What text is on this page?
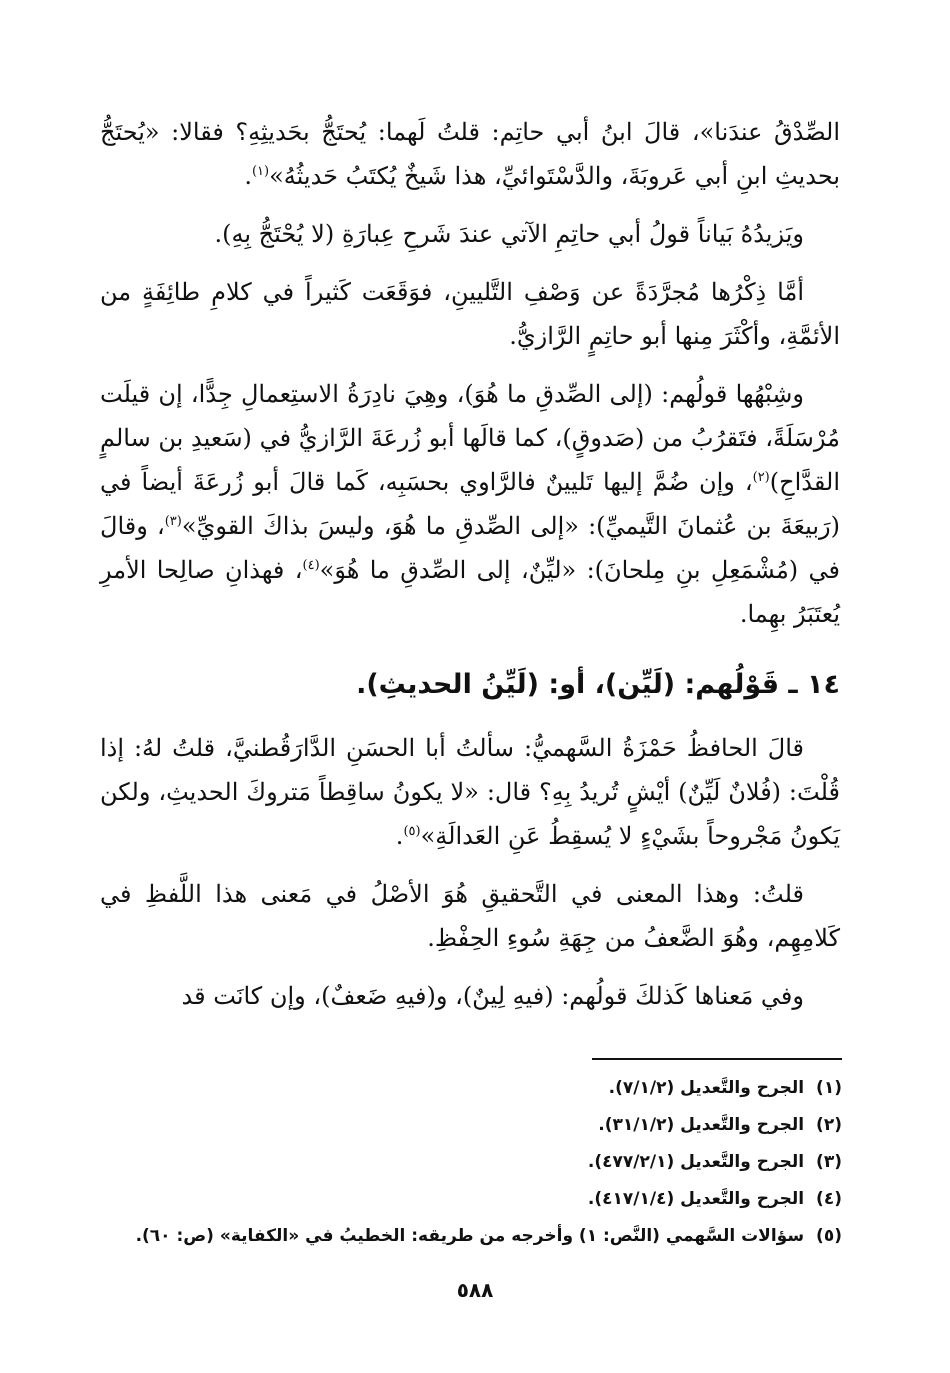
الصِّدْقُ عندَنا»، قالَ ابنُ أبي حاتِم: قلتُ لَهما: يُحتَجُّ بحَديثِهِ؟ فقالا: «يُحتَجُّ بحديثِ ابنِ أبي عَروبَةَ، والدَّسْتَوائيِّ، هذا شَيخٌ يُكتَبُ حَديثُهُ»$^{(١)}$.

ويَزيدُهُ بَياناً قولُ أبي حاتِمِ الآتي عندَ شَرحِ عِبارَةِ (لا يُحْتَجُّ بِهِ).

أمَّا ذِكْرُها مُجرَّدَةً عن وَصْفِ التَّليينِ، فوَقَعَت كَثيراً في كلامِ طائِفَةٍ من الأئمَّةِ، وأكْثَرَ مِنها أبو حاتِمٍ الرَّازيُّ.

وشِبْهُها قولُهم: (إلى الصِّدقِ ما هُوَ)، وهِيَ نادِرَةُ الاستِعمالِ جِدًّا، إن قيلَت مُرْسَلَةً، فتَقرُبُ من (صَدوقٍ)، كما قالَها أبو زُرعَةَ الرَّازيُّ في (سَعيدِ بن سالمٍ القدَّاحِ)$^{(٢)}$، وإن ضُمَّ إليها تَليينٌ فالرَّاوي بحسَبِه، كَما قالَ أبو زُرعَةَ أيضاً في (رَبيعَةَ بن عُثمانَ التَّيميِّ): «إلى الصِّدقِ ما هُوَ، وليسَ بذاكَ القويِّ»$^{(٣)}$، وقالَ في (مُشْمَعِلِ بنِ مِلحانَ): «ليِّنٌ، إلى الصِّدقِ ما هُوَ»$^{(٤)}$، فهذانِ صالِحا الأمرِ يُعتَبَرُ بهِما.

١٤ ـ قَوْلُهم: (لَيِّن)، أو: (لَيِّنُ الحديثِ).

قالَ الحافظُ حَمْزَةُ السَّهميُّ: سألتُ أبا الحسَنِ الدَّارَقُطنيَّ، قلتُ لهُ: إذا قُلْتَ: (فُلانٌ لَيِّنٌ) أيْشٍ تُريدُ بِهِ؟ قال: «لا يكونُ ساقِطاً مَتروكَ الحديثِ، ولكن يَكونُ مَجْروحاً بشَيْءٍ لا يُسقِطُ عَنِ العَدالَةِ»$^{(٥)}$.

قلتُ: وهذا المعنى في التَّحقيقِ هُوَ الأصْلُ في مَعنى هذا اللَّفظِ في كَلامِهِم، وهُوَ الضَّعفُ من جِهَةِ سُوءِ الحِفْظِ.

وفي مَعناها كَذلكَ قولُهم: (فيهِ لِينٌ)، و(فيهِ ضَعفٌ)، وإن كانَت قد

(١)الجرح والتَّعديل (٧/١/٢).
(٢)الجرح والتَّعديل (٣١/١/٢).
(٣)الجرح والتَّعديل (٤٧٧/٢/١).
(٤)الجرح والتَّعديل (٤١٧/١/٤).
(٥)سؤالات السَّهمي (النَّص: ١) وأخرجه من طريقه: الخطيبُ في «الكفاية» (ص: ٦٠).
٥٨٨
